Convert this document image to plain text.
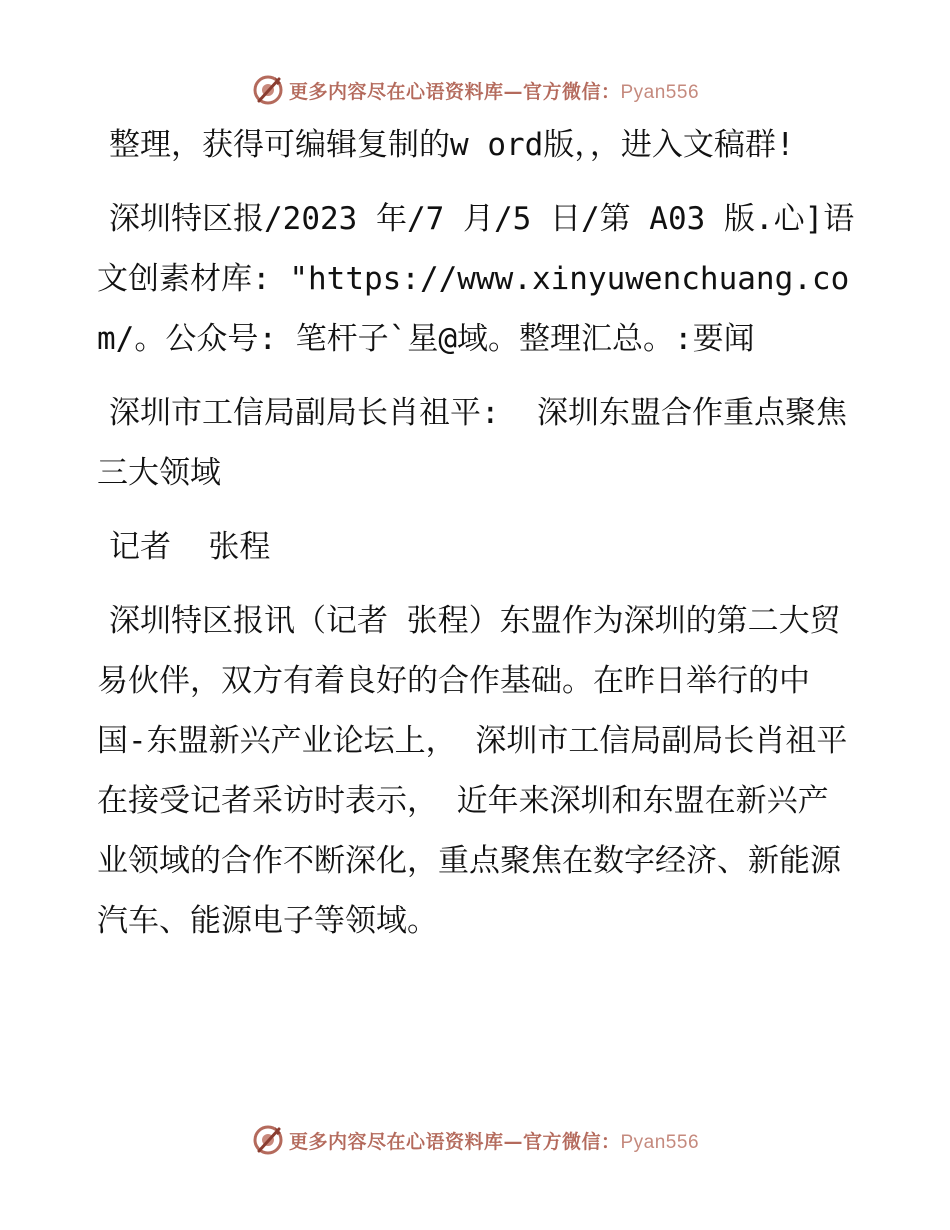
更多内容尽在心语资料库—官方微信：Pyan556

整理，获得可编辑复制的w ord版，，进入文稿群!

深圳特区报/2023 年/7 月/5 日/第 A03 版.心]语文创素材库: "https://www.xinyuwenchuang.com/。公众号: 笔杆子`星@域。整理汇总。:要闻

深圳市工信局副局长肖祖平:  深圳东盟合作重点聚焦三大领域

记者  张程

深圳特区报讯（记者 张程）东盟作为深圳的第二大贸易伙伴，双方有着良好的合作基础。在昨日举行的中国-东盟新兴产业论坛上， 深圳市工信局副局长肖祖平在接受记者采访时表示， 近年来深圳和东盟在新兴产业领域的合作不断深化，重点聚焦在数字经济、新能源汽车、能源电子等领域。

更多内容尽在心语资料库—官方微信：Pyan556
